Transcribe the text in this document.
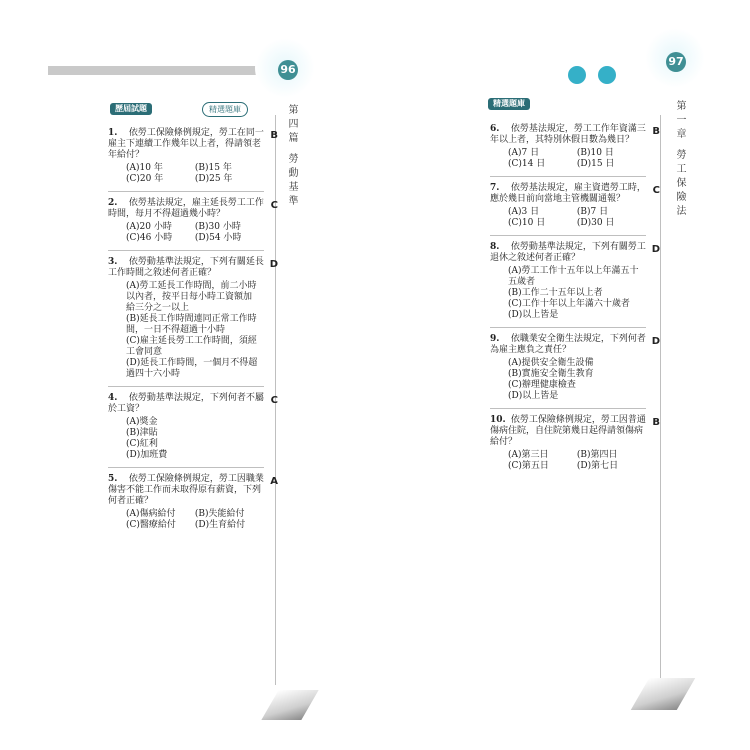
96
97
歷屆試題	精選題庫
精選題庫
第四篇 勞動基準	第一章 勞工保險法
1. 依勞工保險條例規定，勞工在同一雇主下連續工作幾年以上者，得請領老年給付？
(A)10 年	(B)15 年 (C)20 年	(D)25 年
B
2. 依勞基法規定，雇主延長勞工工作時間，每月不得超過幾小時？
(A)20 小時	(B)30 小時 (C)46 小時	(D)54 小時
C
3. 依勞動基準法規定，下列有關延長工作時間之敘述何者正確？
(A)勞工延長工作時間，前二小時以內者，按平日每小時工資額加給三分之一以上
(B)延長工作時間連同正常工作時間，一日不得超過十小時
(C)雇主延長勞工工作時間，須經工會同意
(D)延長工作時間，一個月不得超過四十六小時
D
4. 依勞動基準法規定，下列何者不屬於工資？
(A)獎金
(B)津貼
(C)紅利
(D)加班費
C
5. 依勞工保險條例規定，勞工因職業傷害不能工作而未取得原有薪資，下列何者正確？
(A)傷病給付 (B)失能給付 (C)醫療給付 (D)生育給付
A
6. 依勞基法規定，勞工工作年資滿三年以上者，其特別休假日數為幾日？
(A)7 日	(B)10 日 (C)14 日	(D)15 日
B
7. 依勞基法規定，雇主資遣勞工時，應於幾日前向當地主管機關通報？
(A)3 日	(B)7 日 (C)10 日	(D)30 日
C
8. 依勞動基準法規定，下列有關勞工退休之敘述何者正確？
(A)勞工工作十五年以上年滿五十五歲者
(B)工作二十五年以上者
(C)工作十年以上年滿六十歲者
(D)以上皆是
D
9. 依職業安全衛生法規定，下列何者為雇主應負之責任？
(A)提供安全衛生設備
(B)實施安全衛生教育
(C)辦理健康檢查
(D)以上皆是
D
10. 依勞工保險條例規定，勞工因普通傷病住院，自住院第幾日起得請領傷病給付？
(A)第三日	(B)第四日 (C)第五日	(D)第七日
B
